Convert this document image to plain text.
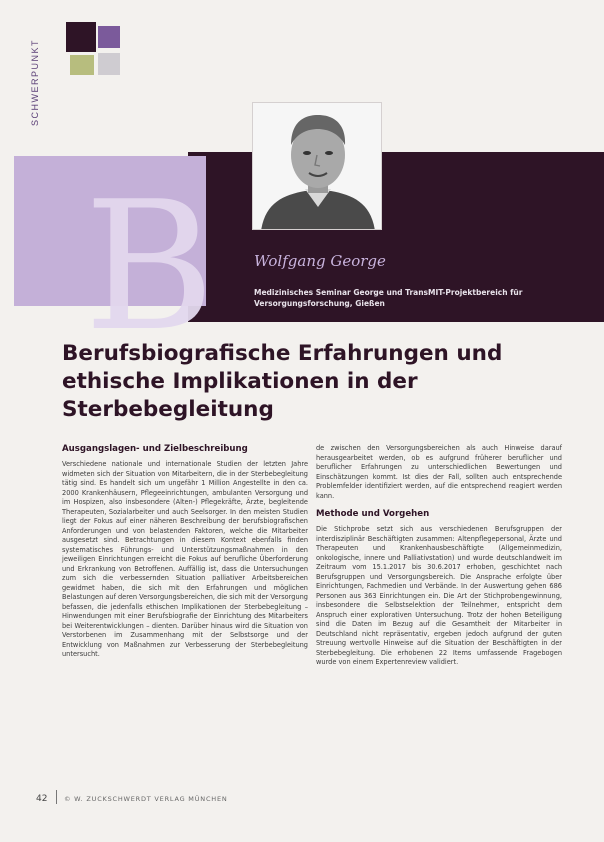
SCHWERPUNKT
B	Wolfgang George
Medizinisches Seminar George und TransMIT-Projektbereich für Versorgungsforschung, Gießen
Berufsbiografische Erfahrungen und ethische Implikationen in der Sterbebegleitung
Ausgangslagen- und Zielbeschreibung

Verschiedene nationale und internationale Studien der letzten Jahre widmeten sich der Situation von Mitarbeitern, die in der Sterbebegleitung tätig sind. Es handelt sich um ungefähr 1 Million Angestellte in den ca. 2000 Krankenhäusern, Pflegeeinrichtungen, ambulanten Versorgung und im Hospizen, also insbesondere (Alten-) Pflegekräfte, Ärzte, begleitende Therapeuten, Sozialarbeiter und auch Seelsorger. In den meisten Studien liegt der Fokus auf einer näheren Beschreibung der berufsbiografischen Anforderungen und von belastenden Faktoren, welche die Mitarbeiter ausgesetzt sind. Betrachtungen in diesem Kontext ebenfalls finden systematisches Führungs- und Unterstützungsmaßnahmen in den jeweiligen Einrichtungen erreicht die Fokus auf berufliche Überforderung und Erkrankung von Betroffenen. Auffällig ist, dass die Untersuchungen zum sich die verbessernden Situation palliativer Arbeitsbereichen gewidmet haben, die sich mit den Erfahrungen und möglichen Belastungen auf deren Versorgungsbereichen, die sich mit der Versorgung befassen, die jedenfalls ethischen Implikationen der Sterbebegleitung – Hinwendungen mit einer Berufsbiografie der Einrichtung des Mitarbeiters bei Weiterentwicklungen – dienten. Darüber hinaus wird die Situation von Verstorbenen im Zusammenhang mit der Selbstsorge und der Entwicklung von Maßnahmen zur Verbesserung der Sterbebegleitung untersucht.

de zwischen den Versorgungsbereichen als auch Hinweise darauf herausgearbeitet werden, ob es aufgrund früherer beruflicher und beruflicher Erfahrungen zu unterschiedlichen Bewertungen und Einschätzungen kommt. Ist dies der Fall, sollten auch entsprechende Problemfelder identifiziert werden, auf die entsprechend reagiert werden kann.

Methode und Vorgehen

Die Stichprobe setzt sich aus verschiedenen Berufsgruppen der interdisziplinär Beschäftigten zusammen: Altenpflegepersonal, Ärzte und Therapeuten und Krankenhausbeschäftigte (Allgemeinmedizin, onkologische, innere und Palliativstation) und wurde deutschlandweit im Zeitraum vom 15.1.2017 bis 30.6.2017 erhoben, geschichtet nach Berufsgruppen und Versorgungsbereich. Die Ansprache erfolgte über Einrichtungen, Fachmedien und Verbände. In der Auswertung gehen 686 Personen aus 363 Einrichtungen ein. Die Art der Stichprobengewinnung, insbesondere die Selbstselektion der Teilnehmer, entspricht dem Anspruch einer explorativen Untersuchung. Trotz der hohen Beteiligung sind die Daten im Bezug auf die Gesamtheit der Mitarbeiter in Deutschland nicht repräsentativ, ergeben jedoch aufgrund der guten Streuung wertvolle Hinweise auf die Situation der Beschäftigten in der Sterbebegleitung. Die erhobenen 22 Items umfassende Fragebogen wurde von einem Expertenreview validiert.

42	© W. ZUCKSCHWERDT VERLAG MÜNCHEN
